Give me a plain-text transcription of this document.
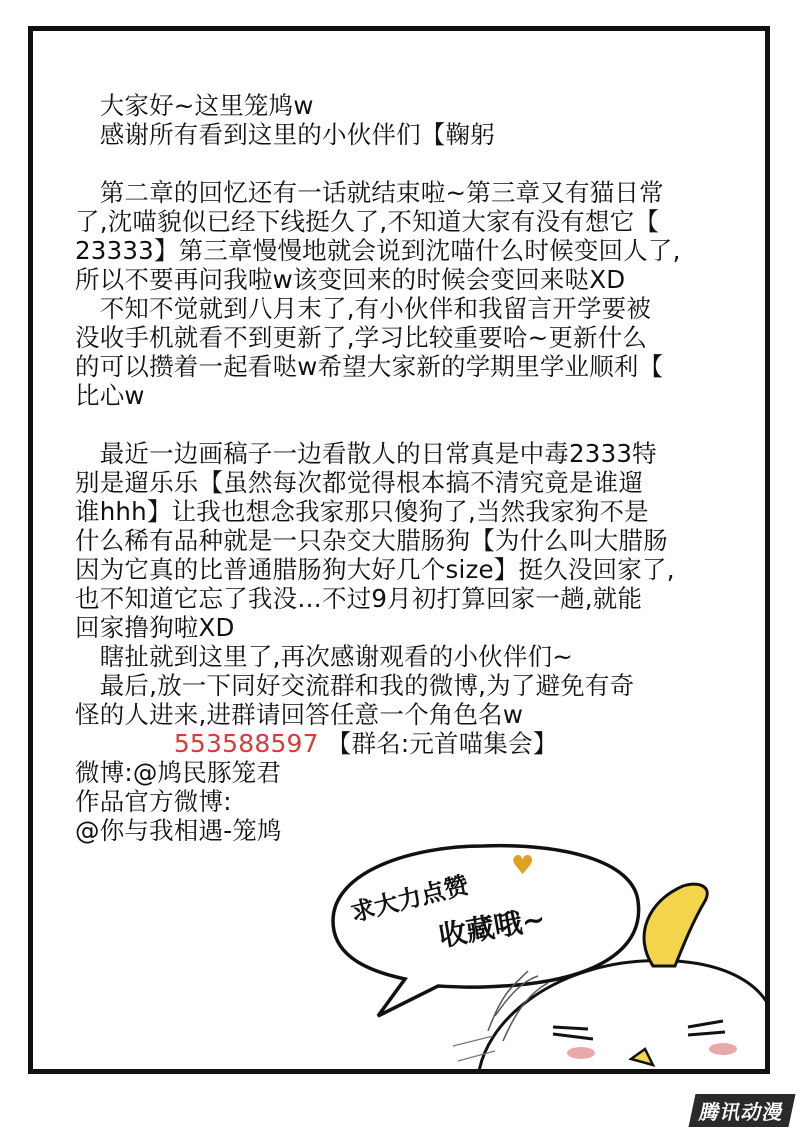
　大家好~这里笼鸠w
　感谢所有看到这里的小伙伴们【鞠躬

　第二章的回忆还有一话就结束啦~第三章又有猫日常
了,沈喵貌似已经下线挺久了,不知道大家有没有想它【
23333】第三章慢慢地就会说到沈喵什么时候变回人了,
所以不要再问我啦w该变回来的时候会变回来哒XD
　不知不觉就到八月末了,有小伙伴和我留言开学要被
没收手机就看不到更新了,学习比较重要哈~更新什么
的可以攒着一起看哒w希望大家新的学期里学业顺利【
比心w

　最近一边画稿子一边看散人的日常真是中毒2333特
别是遛乐乐【虽然每次都觉得根本搞不清究竟是谁遛
谁hhh】让我也想念我家那只傻狗了,当然我家狗不是
什么稀有品种就是一只杂交大腊肠狗【为什么叫大腊肠
因为它真的比普通腊肠狗大好几个size】挺久没回家了,
也不知道它忘了我没…不过9月初打算回家一趟,就能
回家撸狗啦XD
　瞎扯就到这里了,再次感谢观看的小伙伴们~
　最后,放一下同好交流群和我的微博,为了避免有奇
怪的人进来,进群请回答任意一个角色名w
　　　　553588597 【群名:元首喵集会】
微博:@鸠民豚笼君
作品官方微博:
@你与我相遇-笼鸠
求大力点赞
收藏哦~
♥
腾讯动漫
